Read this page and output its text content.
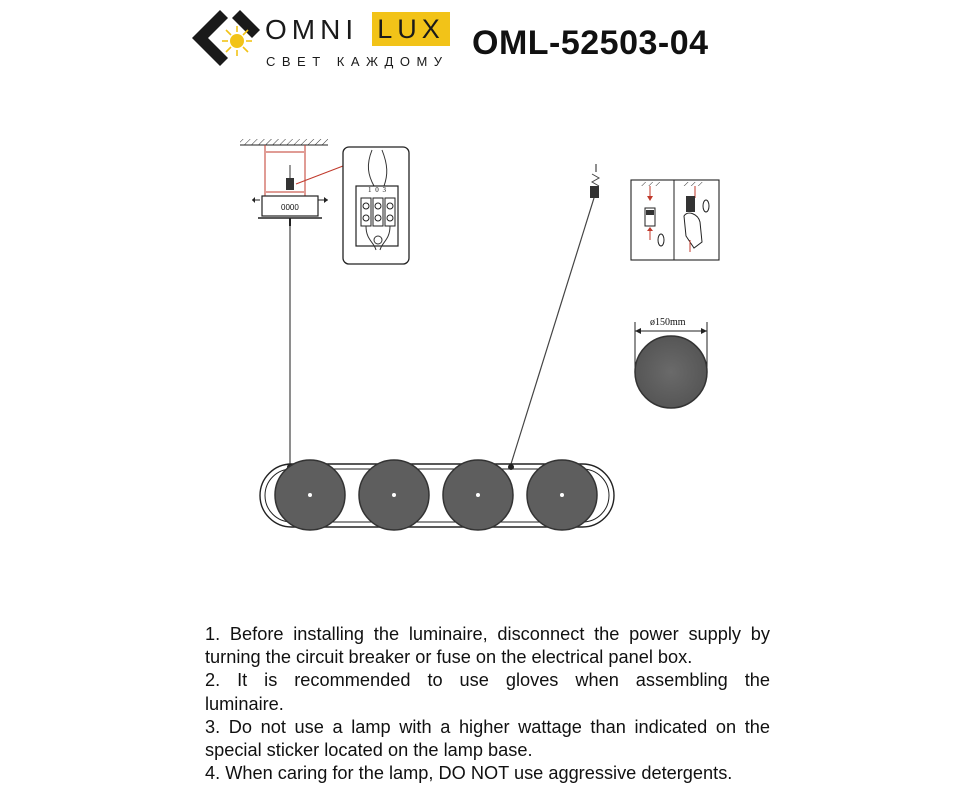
OMNI LUX
СВЕТ КАЖДОМУ OML-52503-04
0000
1 0 3
ø150mm

1. Before installing the luminaire, disconnect the power supply by

turning the circuit breaker or fuse on the electrical panel box.

2. It is recommended to use gloves when assembling the

luminaire.

3. Do not use a lamp with a higher wattage than indicated on the

special sticker located on the lamp base.

4. When caring for the lamp, DO NOT use aggressive detergents.
